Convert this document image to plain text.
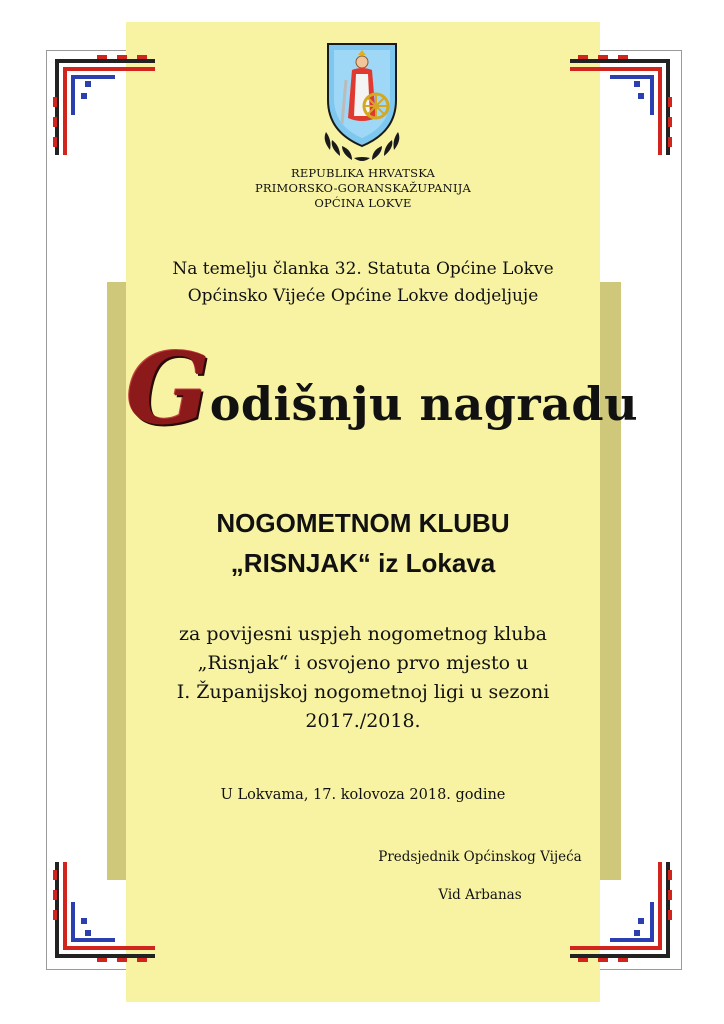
REPUBLIKA HRVATSKA
PRIMORSKO-GORANSKAŽUPANIJA
OPĆINA LOKVE
Na temelju članka 32. Statuta Općine Lokve
Općinsko Vijeće Općine Lokve dodjeljuje
Godišnju nagradu
NOGOMETNOM KLUBU
„RISNJAK“ iz Lokava
za povijesni uspjeh nogometnog kluba
„Risnjak“ i osvojeno prvo mjesto u
I. Županijskoj nogometnoj ligi u sezoni
2017./2018.
U Lokvama, 17. kolovoza 2018. godine
Predsjednik Općinskog Vijeća
Vid Arbanas
